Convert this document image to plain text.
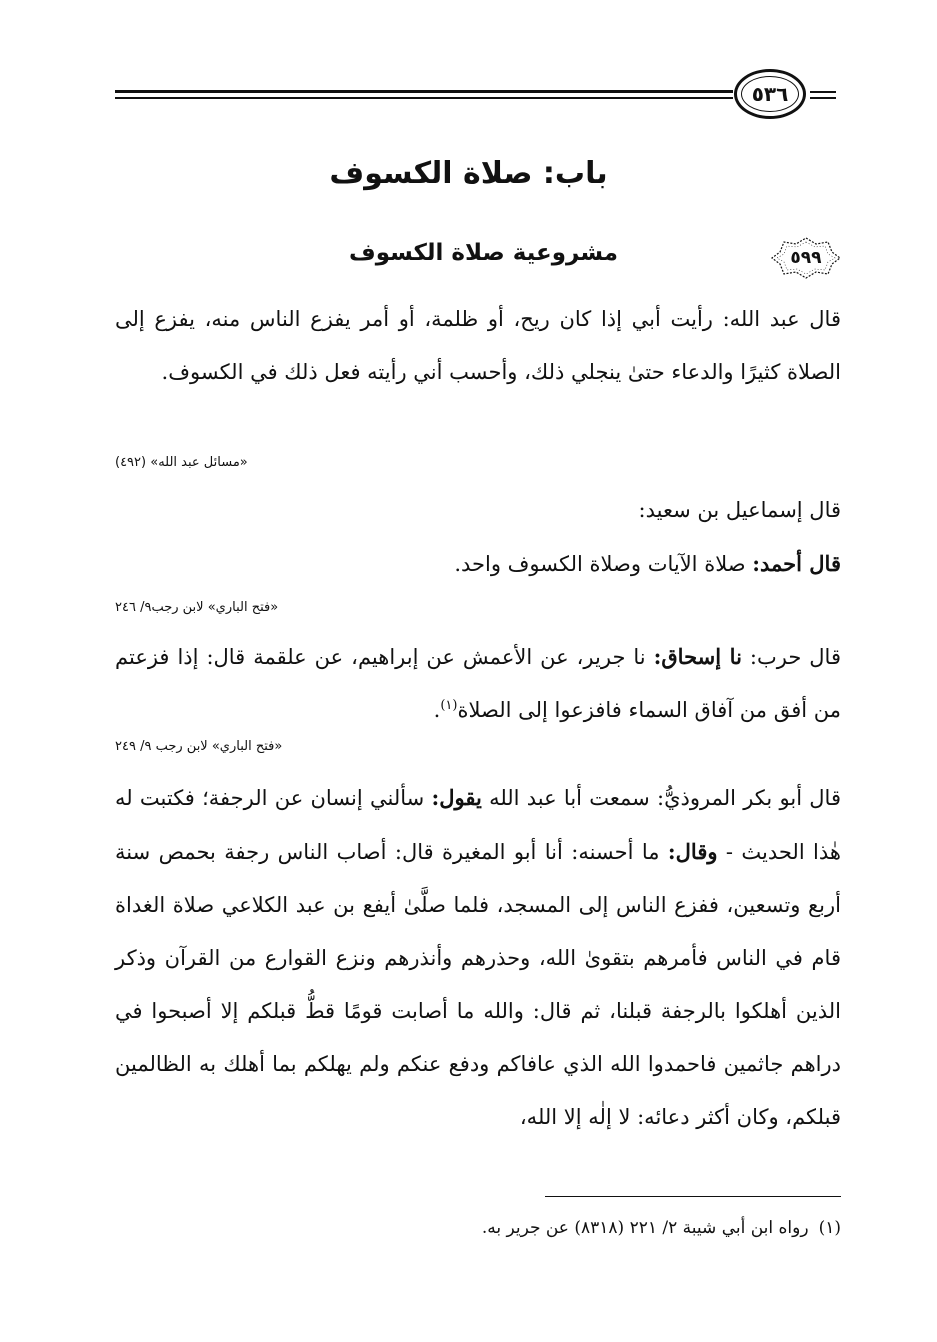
٥٣٦
باب: صلاة الكسوف
٥٩٩
مشروعية صلاة الكسوف
قال عبد الله: رأيت أبي إذا كان ريح، أو ظلمة، أو أمر يفزع الناس منه، يفزع إلى الصلاة كثيرًا والدعاء حتىٰ ينجلي ذلك، وأحسب أني رأيته فعل ذلك في الكسوف.
«مسائل عبد الله» (٤٩٢)
قال إسماعيل بن سعيد:
قال أحمد: صلاة الآيات وصلاة الكسوف واحد.
«فتح الباري» لابن رجب٩/ ٢٤٦
قال حرب: نا إسحاق: نا جرير، عن الأعمش عن إبراهيم، عن علقمة قال: إذا فزعتم من أفق من آفاق السماء فافزعوا إلى الصلاة$^{(١)}$.
«فتح الباري» لابن رجب ٩/ ٢٤٩
قال أبو بكر المروذيُّ: سمعت أبا عبد الله يقول: سألني إنسان عن الرجفة؛ فكتبت له هٰذا الحديث - وقال: ما أحسنه: أنا أبو المغيرة قال: أصاب الناس رجفة بحمص سنة أربع وتسعين، ففزع الناس إلى المسجد، فلما صلَّىٰ أيفع بن عبد الكلاعي صلاة الغداة قام في الناس فأمرهم بتقوىٰ الله، وحذرهم وأنذرهم ونزع القوارع من القرآن وذكر الذين أهلكوا بالرجفة قبلنا، ثم قال: والله ما أصابت قومًا قطُّ قبلكم إلا أصبحوا في دراهم جاثمين فاحمدوا الله الذي عافاكم ودفع عنكم ولم يهلكم بما أهلك به الظالمين قبلكم، وكان أكثر دعائه: لا إلٰه إلا الله،
(١)رواه ابن أبي شيبة ٢/ ٢٢١ (٨٣١٨) عن جرير به.
